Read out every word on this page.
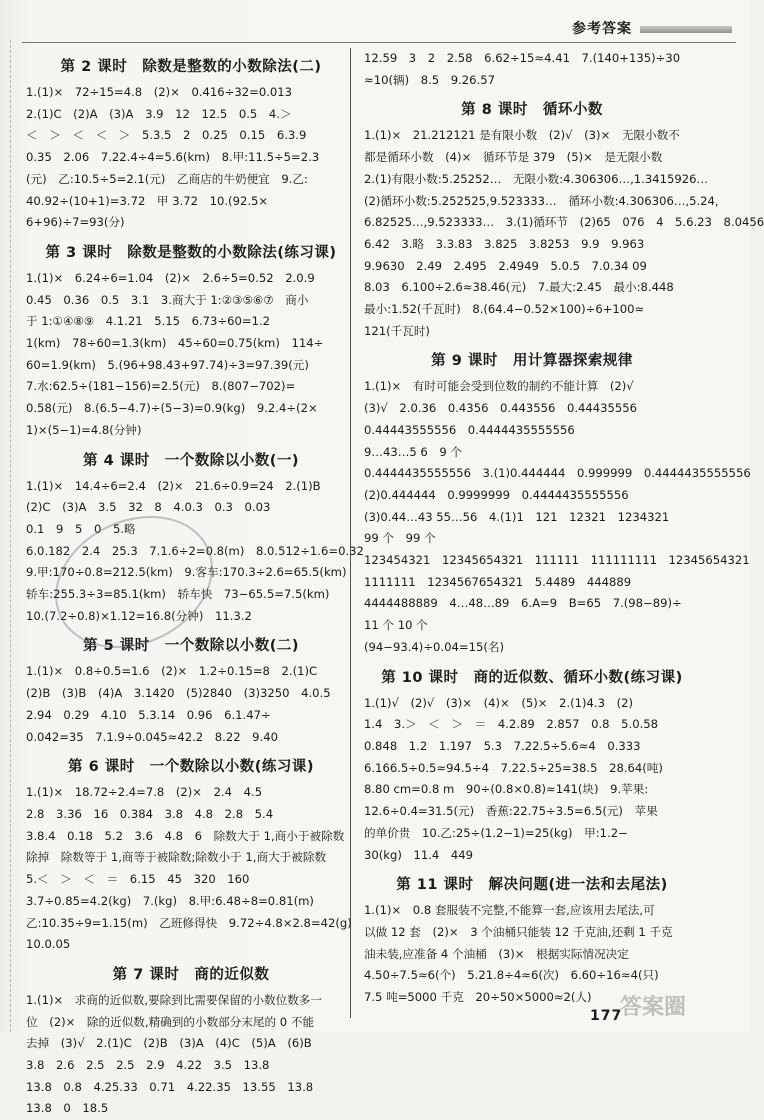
参考答案
第 2 课时　除数是整数的小数除法(二)
1.(1)×　72÷15=4.8　(2)×　0.416÷32=0.013
2.(1)C　(2)A　(3)A　3.9　12　12.5　0.5　4.＞
＜　＞　＜　＜　＞　5.3.5　2　0.25　0.15　6.3.9
0.35　2.06　7.22.4÷4=5.6(km)　8.甲:11.5÷5=2.3
(元)　乙:10.5÷5=2.1(元)　乙商店的牛奶便宜　9.乙:
40.92÷(10+1)=3.72　甲 3.72　10.(92.5×
6+96)÷7=93(分)
第 3 课时　除数是整数的小数除法(练习课)
1.(1)×　6.24÷6=1.04　(2)×　2.6÷5=0.52　2.0.9
0.45　0.36　0.5　3.1　3.商大于 1:②③⑤⑥⑦　商小
于 1:①④⑧⑨　4.1.21　5.15　6.73÷60=1.2
1(km)　78÷60=1.3(km)　45÷60=0.75(km)　114÷
60=1.9(km)　5.(96+98.43+97.74)÷3=97.39(元)
7.水:62.5÷(181−156)=2.5(元)　8.(807−702)=
0.58(元)　8.(6.5−4.7)÷(5−3)=0.9(kg)　9.2.4÷(2×
1)×(5−1)=4.8(分钟)
第 4 课时　一个数除以小数(一)
1.(1)×　14.4÷6=2.4　(2)×　21.6÷0.9=24　2.(1)B
(2)C　(3)A　3.5　32　8　4.0.3　0.3　0.03
0.1　9　5　0　5.略
6.0.182　2.4　25.3　7.1.6÷2=0.8(m)　8.0.512÷1.6=0.32
9.甲:170÷0.8=212.5(km)　9.客车:170.3÷2.6=65.5(km)
轿车:255.3÷3=85.1(km)　轿车快　73−65.5=7.5(km)
10.(7.2÷0.8)×1.12=16.8(分钟)　11.3.2
第 5 课时　一个数除以小数(二)
1.(1)×　0.8÷0.5=1.6　(2)×　1.2÷0.15=8　2.(1)C
(2)B　(3)B　(4)A　3.1420　(5)2840　(3)3250　4.0.5
2.94　0.29　4.10　5.3.14　0.96　6.1.47÷
0.042=35　7.1.9÷0.045≈42.2　8.22　9.40
第 6 课时　一个数除以小数(练习课)
1.(1)×　18.72÷2.4=7.8　(2)×　2.4　4.5
2.8　3.36　16　0.384　3.8　4.8　2.8　5.4
3.8.4　0.18　5.2　3.6　4.8　6　除数大于 1,商小于被除数
除掉　除数等于 1,商等于被除数;除数小于 1,商大于被除数
5.＜　＞　＜　＝　6.15　45　320　160
3.7÷0.85=4.2(kg)　7.(kg)　8.甲:6.48÷8=0.81(m)
乙:10.35÷9=1.15(m)　乙班修得快　9.72÷4.8×2.8=42(g)
10.0.05
第 7 课时　商的近似数
1.(1)×　求商的近似数,要除到比需要保留的小数位数多一
位　(2)×　除的近似数,精确到的小数部分末尾的 0 不能
去掉　(3)√　2.(1)C　(2)B　(3)A　(4)C　(5)A　(6)B
3.8　2.6　2.5　2.5　2.9　4.22　3.5　13.8
13.8　0.8　4.25.33　0.71　4.22.35　13.55　13.8
13.8　0　18.5
12.59　3　2　2.58　6.62÷15≈4.41　7.(140+135)÷30
≈10(辆)　8.5　9.26.57
第 8 课时　循环小数
1.(1)×　21.212121 是有限小数　(2)√　(3)×　无限小数不
都是循环小数　(4)×　循环节是 379　(5)×　是无限小数
2.(1)有限小数:5.25252…　无限小数:4.306306…,1.3415926…
(2)循环小数:5.252525,9.523333…　循环小数:4.306306…,5.24,
6.82525…,9.523333…　3.(1)循环节　(2)65　076　4　5.6.23　8.0456
6.42　3.略　3.3.83　3.825　3.8253　9.9　9.963
9.9630　2.49　2.495　2.4949　5.0.5　7.0.34 09
8.03　6.100÷2.6≈38.46(元)　7.最大:2.45　最小:8.448
最小:1.52(千瓦时)　8.(64.4−0.52×100)÷6+100≈
121(千瓦时)
第 9 课时　用计算器探索规律
1.(1)×　有时可能会受到位数的制约不能计算　(2)√
(3)√　2.0.36　0.4356　0.443556　0.44435556
0.44443555556　0.4444435555556
9…43…5 6　9 个
0.4444435555556　3.(1)0.444444　0.999999　0.4444435555556
(2)0.444444　0.9999999　0.4444435555556
(3)0.44…43 55…56　4.(1)1　121　12321　1234321
99 个　99 个
123454321　12345654321　111111　111111111　12345654321
1111111　1234567654321　5.4489　444889
4444488889　4…48…89　6.A=9　B=65　7.(98−89)÷
11 个 10 个
(94−93.4)÷0.04=15(名)
第 10 课时　商的近似数、循环小数(练习课)
1.(1)√　(2)√　(3)×　(4)×　(5)×　2.(1)4.3　(2)
1.4　3.＞　＜　＞　＝　4.2.89　2.857　0.8　5.0.58
0.848　1.2　1.197　5.3　7.22.5÷5.6≈4　0.333
6.166.5÷0.5≈94.5÷4　7.22.5÷25=38.5　28.64(吨)
8.80 cm=0.8 m　90÷(0.8×0.8)≈141(块)　9.苹果:
12.6÷0.4=31.5(元)　香蕉:22.75÷3.5=6.5(元)　苹果
的单价贵　10.乙:25÷(1.2−1)=25(kg)　甲:1.2−
30(kg)　11.4　449
第 11 课时　解决问题(进一法和去尾法)
1.(1)×　0.8 套服装不完整,不能算一套,应该用去尾法,可
以做 12 套　(2)×　3 个油桶只能装 12 千克油,还剩 1 千克
油未装,应准备 4 个油桶　(3)×　根据实际情况决定
4.50÷7.5≈6(个)　5.21.8÷4≈6(次)　6.60÷16≈4(只)
7.5 吨=5000 千克　20÷50×5000≈2(人)	答案圈
177
